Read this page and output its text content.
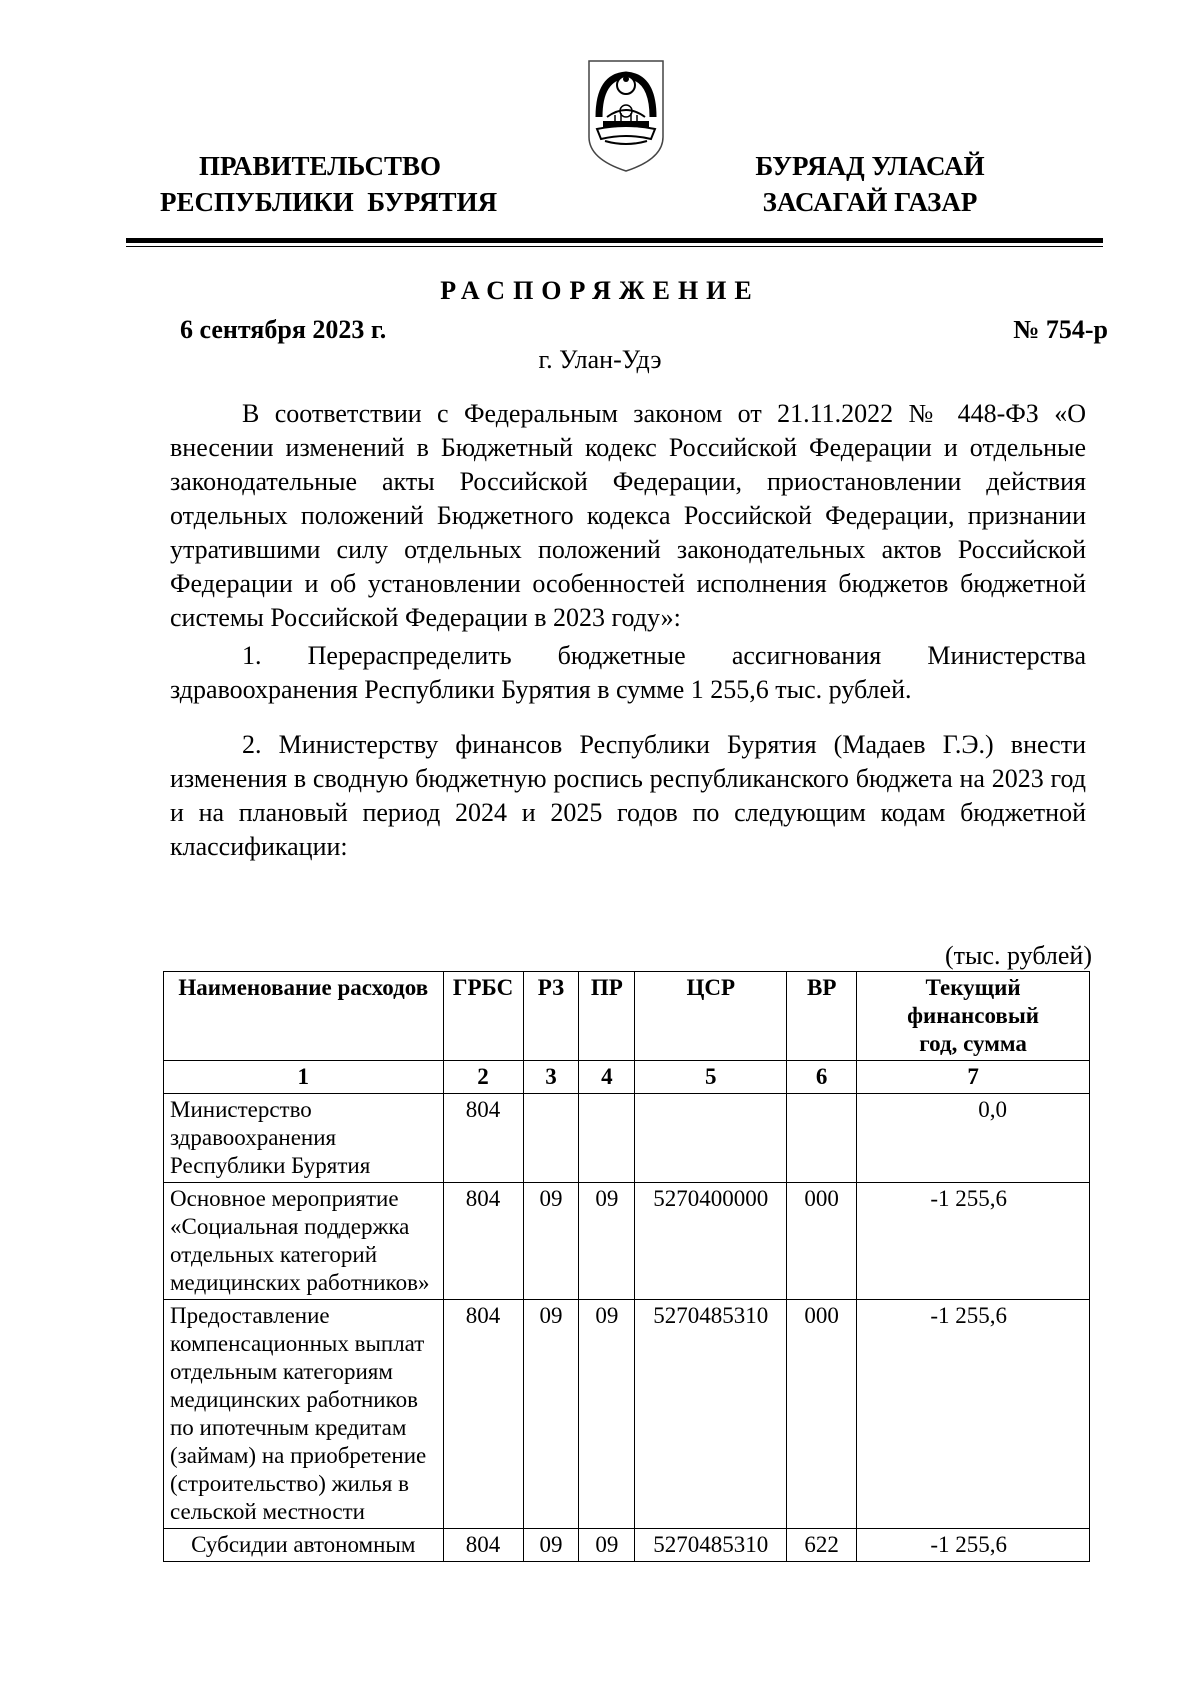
ПРАВИТЕЛЬСТВО
РЕСПУБЛИКИ  БУРЯТИЯ
БУРЯАД УЛАСАЙ
ЗАСАГАЙ ГАЗАР
РАСПОРЯЖЕНИЕ
6 сентября 2023 г.	№ 754-р
г. Улан-Удэ
В соответствии с Федеральным законом от 21.11.2022 № 448-ФЗ «О внесении изменений в Бюджетный кодекс Российской Федерации и отдельные законодательные акты Российской Федерации, приостановлении действия отдельных положений Бюджетного кодекса Российской Федерации, признании утратившими силу отдельных положений законодательных актов Российской Федерации и об установлении особенностей исполнения бюджетов бюджетной системы Российской Федерации в 2023 году»:
1. Перераспределить бюджетные ассигнования Министерства здравоохранения Республики Бурятия в сумме 1 255,6 тыс. рублей.
2. Министерству финансов Республики Бурятия (Мадаев Г.Э.) внести изменения в сводную бюджетную роспись республиканского бюджета на 2023 год и на плановый период 2024 и 2025 годов по следующим кодам бюджетной классификации:
(тыс. рублей)
Наименование расходов	ГРБС	РЗ	ПР	ЦСР	ВР	Текущий финансовый год, сумма
1	2	3	4	5	6	7
Министерство здравоохранения Республики Бурятия	804					0,0
Основное мероприятие «Социальная поддержка отдельных категорий медицинских работников»	804	09	09	5270400000	000	-1 255,6
Предоставление компенсационных выплат отдельным категориям медицинских работников по ипотечным кредитам (займам) на приобретение (строительство) жилья в сельской местности	804	09	09	5270485310	000	-1 255,6
Субсидии автономным	804	09	09	5270485310	622	-1 255,6
